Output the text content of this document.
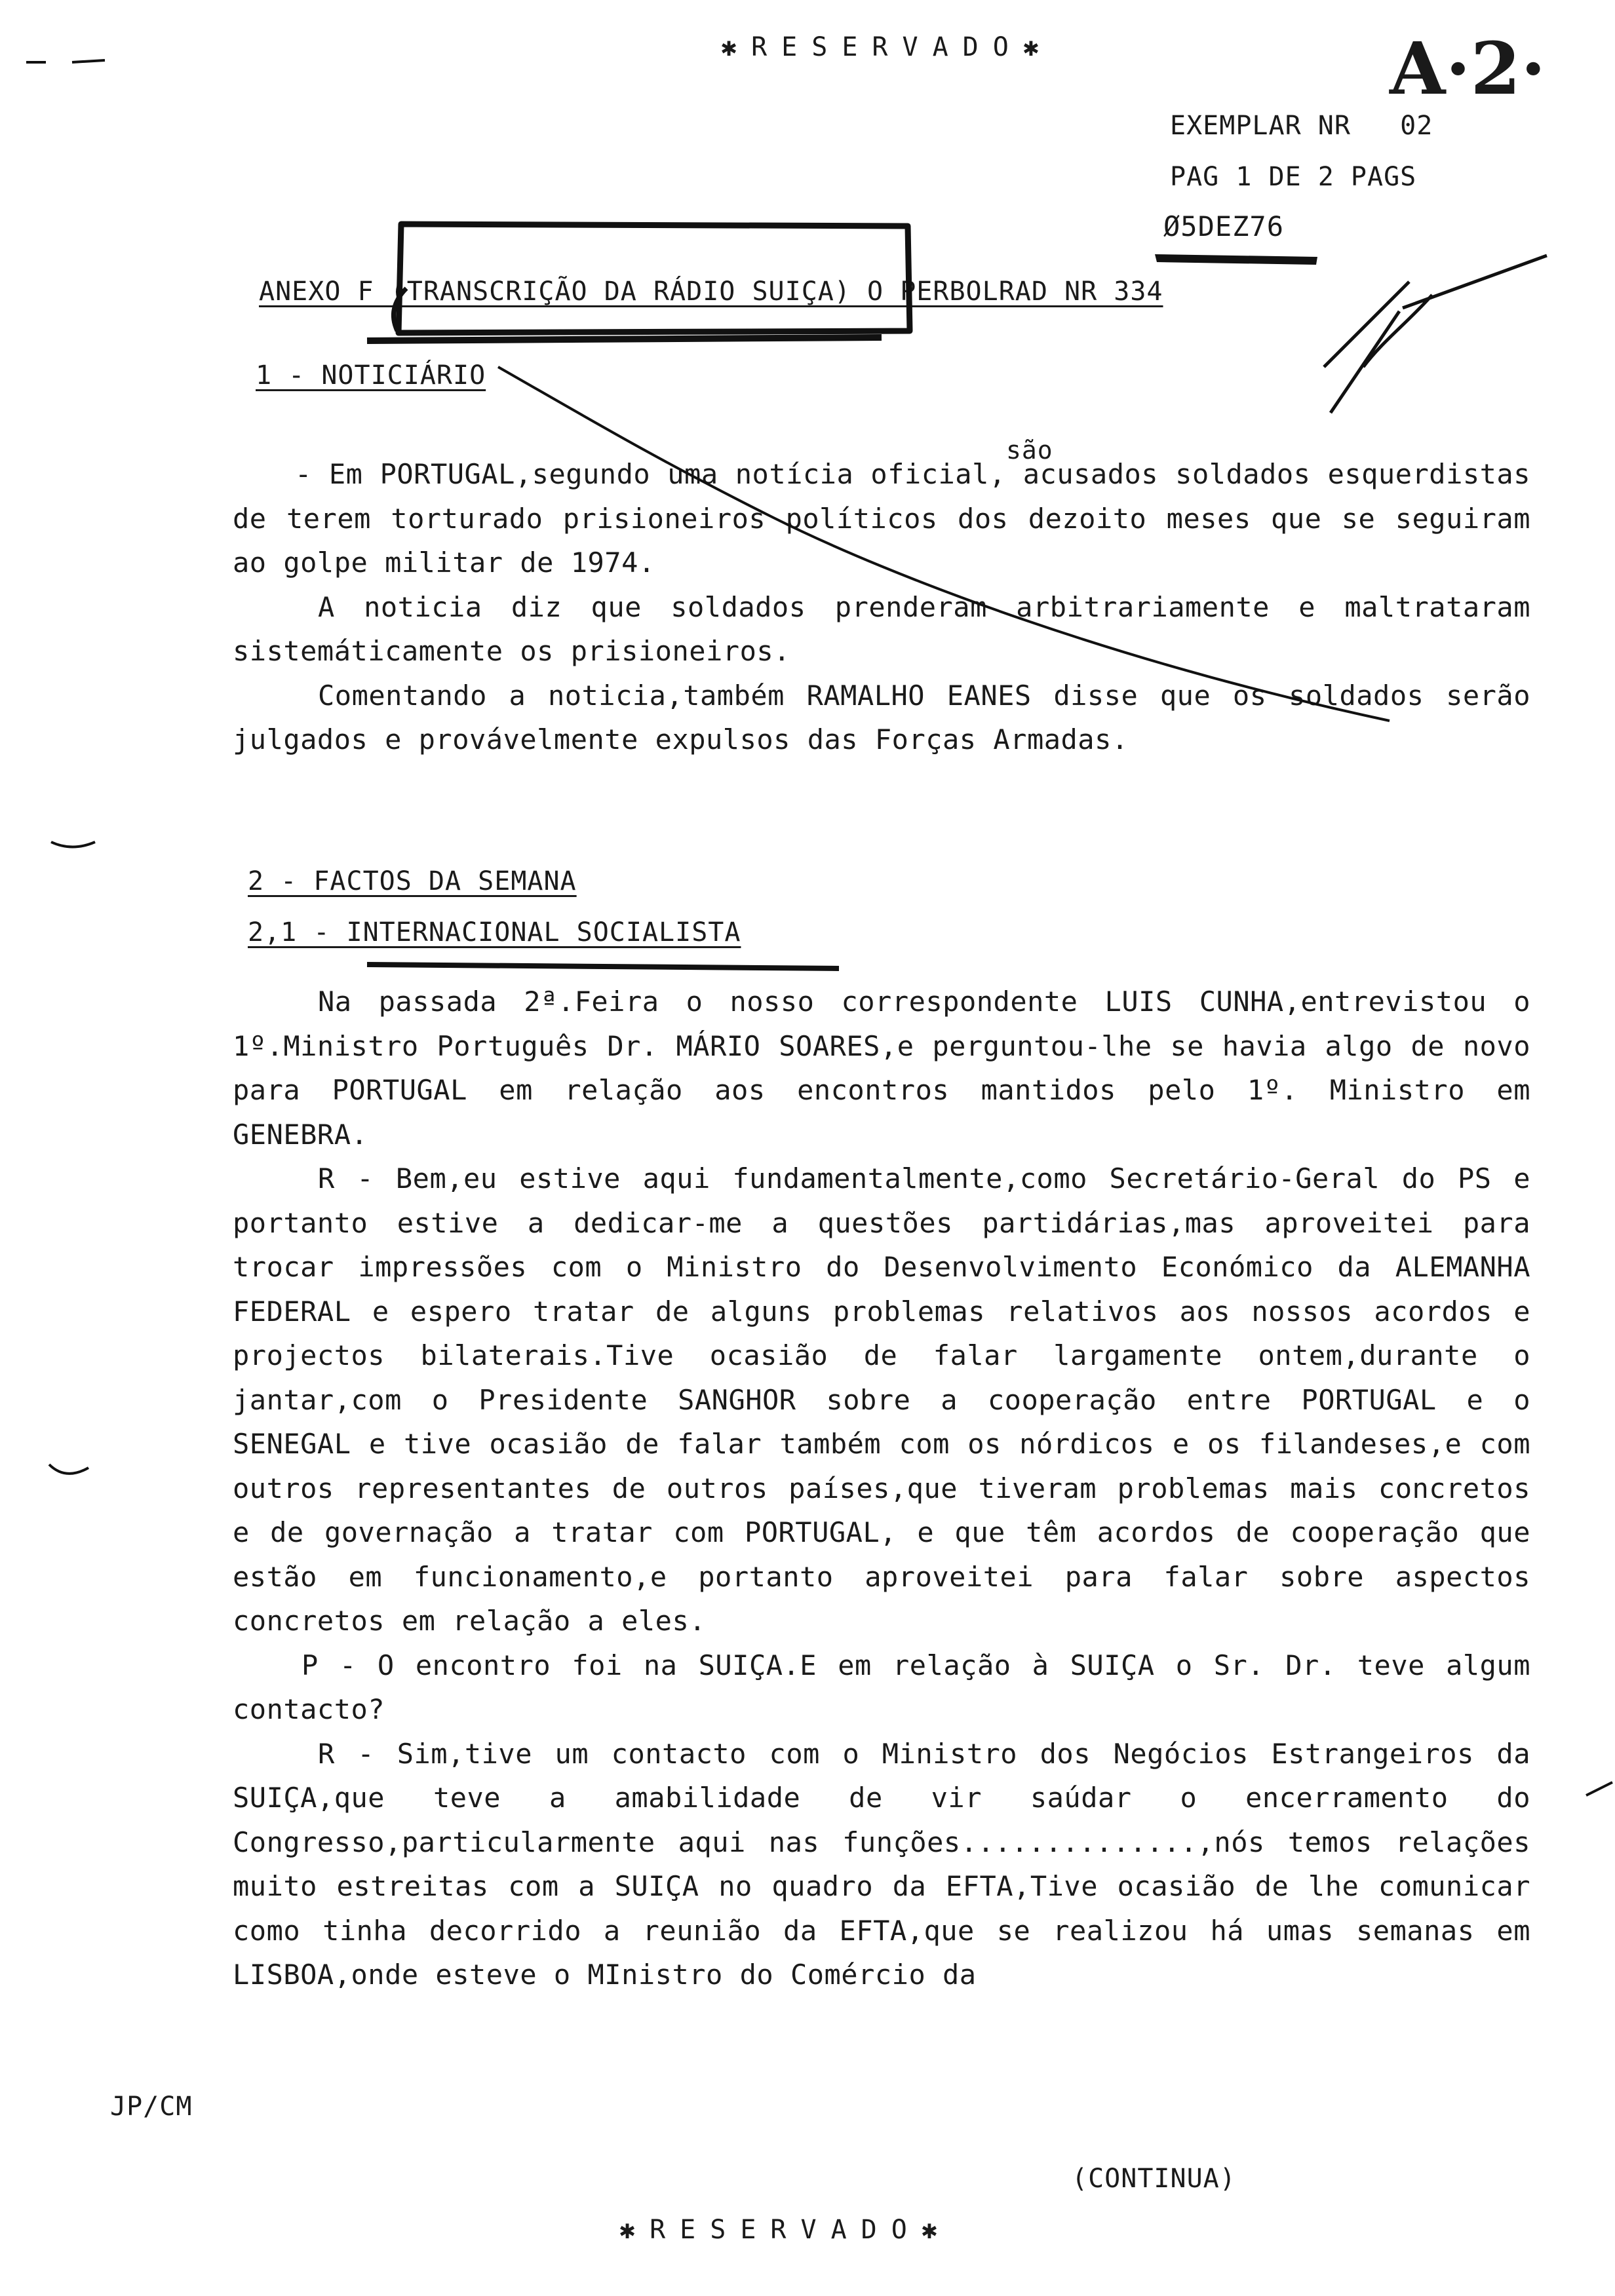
✱RESERVADO✱	A·2·
EXEMPLAR NR   02
PAG 1 DE 2 PAGS
Ø5DEZ76
ANEXO F (TRANSCRIÇÃO DA RÁDIO SUIÇA) O PERBOLRAD NR 334
1 - NOTICIÁRIO
são

- Em PORTUGAL,segundo uma notícia oficial, acusados soldados esquerdistas de terem torturado prisioneiros políticos dos dezoito meses que se seguiram ao golpe militar de 1974.

A noticia diz que soldados prenderam arbitrariamente e maltrataram sistemáticamente os prisioneiros.

Comentando a noticia,também RAMALHO EANES disse que os soldados serão julgados e provávelmente expulsos das Forças Armadas.

2 - FACTOS DA SEMANA
2,1 - INTERNACIONAL SOCIALISTA

Na passada 2ª.Feira o nosso correspondente LUIS CUNHA,entrevistou o 1º.Ministro Português Dr. MÁRIO SOARES,e perguntou-lhe se havia algo de novo para PORTUGAL em relação aos encontros mantidos pelo 1º. Ministro em GENEBRA.

R - Bem,eu estive aqui fundamentalmente,como Secretário-Geral do PS e portanto estive a dedicar-me a questões partidárias,mas aproveitei para trocar impressões com o Ministro do Desenvolvimento Económico da ALEMANHA FEDERAL e espero tratar de alguns problemas relativos aos nossos acordos e projectos bilaterais.Tive ocasião de falar largamente ontem,durante o jantar,com o Presidente SANGHOR sobre a cooperação entre PORTUGAL e o SENEGAL e tive ocasião de falar também com os nórdicos e os filandeses,e com outros representantes de outros países,que tiveram problemas mais concretos e de governação a tratar com PORTUGAL, e que têm acordos de cooperação que estão em funcionamento,e portanto aproveitei para falar sobre aspectos concretos em relação a eles.

P - O encontro foi na SUIÇA.E em relação à SUIÇA o Sr. Dr. teve algum contacto?

R - Sim,tive um contacto com o Ministro dos Negócios Estrangeiros da SUIÇA,que teve a amabilidade de vir saúdar o encerramento do Congresso,particularmente aqui nas funções..............,nós temos relações muito estreitas com a SUIÇA no quadro da EFTA,Tive ocasião de lhe comunicar como tinha decorrido a reunião da EFTA,que se realizou há umas semanas em LISBOA,onde esteve o MInistro do Comércio da

JP/CM
(CONTINUA)
✱RESERVADO✱
